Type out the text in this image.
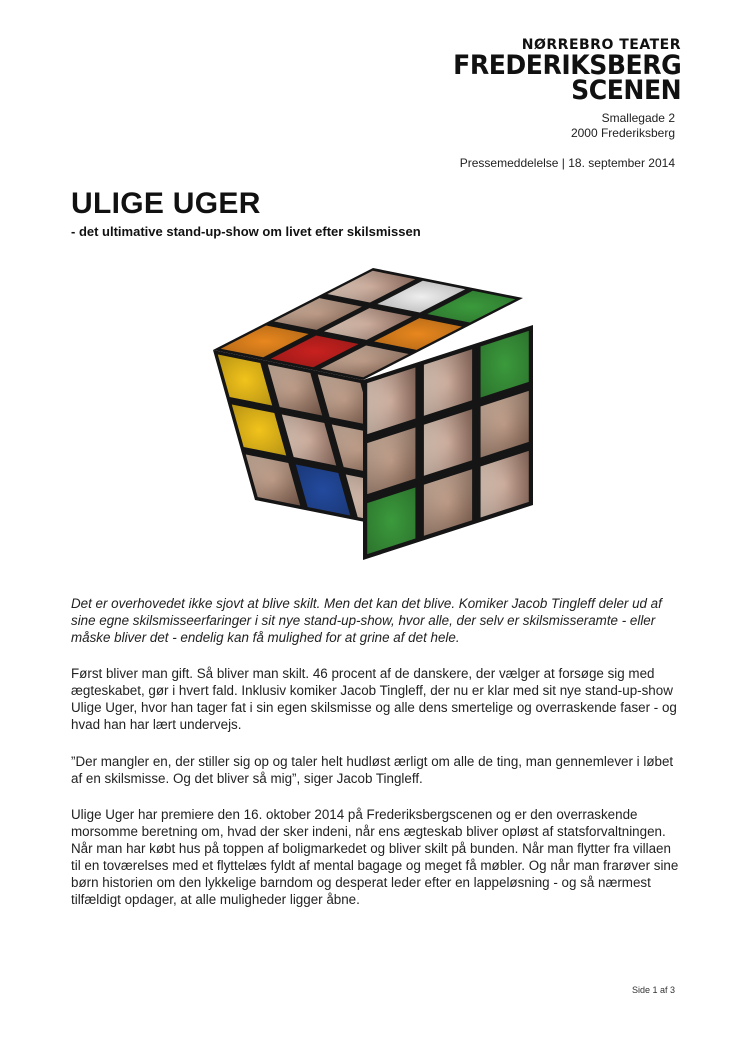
NØRREBRO TEATER
FREDERIKSBERG
SCENEN
Smallegade 2
2000 Frederiksberg
Pressemeddelelse | 18. september 2014
ULIGE UGER
- det ultimative stand-up-show om livet efter skilsmissen

Det er overhovedet ikke sjovt at blive skilt. Men det kan det blive. Komiker Jacob Tingleff deler ud af sine egne skilsmisseerfaringer i sit nye stand-up-show, hvor alle, der selv er skilsmisseramte - eller måske bliver det - endelig kan få mulighed for at grine af det hele.

Først bliver man gift. Så bliver man skilt. 46 procent af de danskere, der vælger at forsøge sig med ægteskabet, gør i hvert fald. Inklusiv komiker Jacob Tingleff, der nu er klar med sit nye stand-up-show Ulige Uger, hvor han tager fat i sin egen skilsmisse og alle dens smertelige og overraskende faser - og hvad han har lært undervejs.

”Der mangler en, der stiller sig op og taler helt hudløst ærligt om alle de ting, man gennemlever i løbet af en skilsmisse. Og det bliver så mig”, siger Jacob Tingleff.

Ulige Uger har premiere den 16. oktober 2014 på Frederiksbergscenen og er den overraskende morsomme beretning om, hvad der sker indeni, når ens ægteskab bliver opløst af statsforvaltningen. Når man har købt hus på toppen af boligmarkedet og bliver skilt på bunden. Når man flytter fra villaen til en toværelses med et flyttelæs fyldt af mental bagage og meget få møbler. Og når man frarøver sine børn historien om den lykkelige barndom og desperat leder efter en lappeløsning - og så nærmest tilfældigt opdager, at alle muligheder ligger åbne.

Side 1 af 3
